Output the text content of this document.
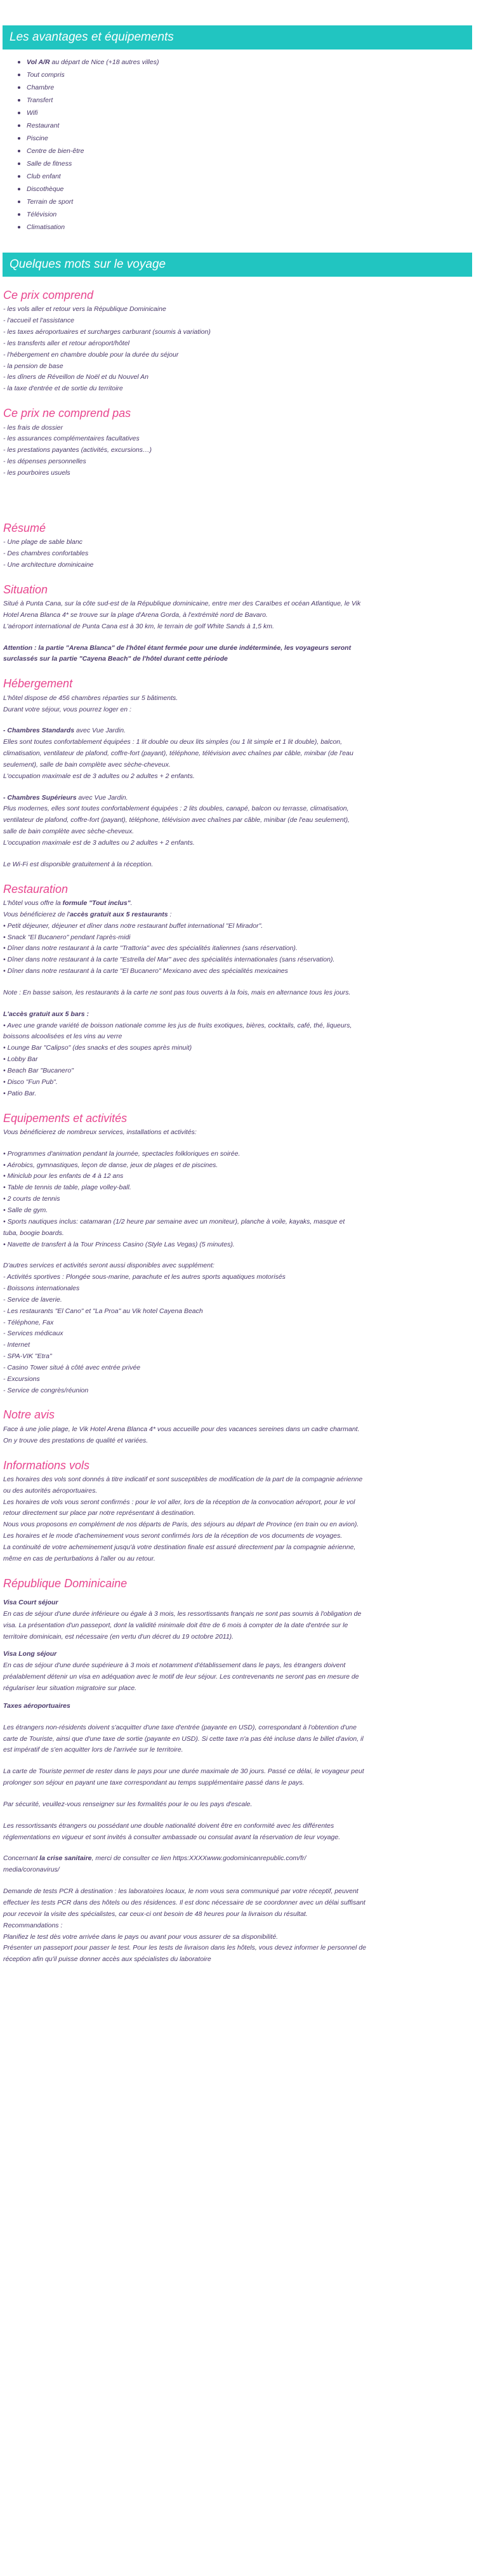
Les avantages et équipements
Vol A/R au départ de Nice (+18 autres villes)
Tout compris
Chambre
Transfert
Wifi
Restaurant
Piscine
Centre de bien-être
Salle de fitness
Club enfant
Discothèque
Terrain de sport
Télévision
Climatisation
Quelques mots sur le voyage
Ce prix comprend
- les vols aller et retour vers la République Dominicaine
- l'accueil et l'assistance
- les taxes aéroportuaires et surcharges carburant (soumis à variation)
- les transferts aller et retour aéroport/hôtel
- l'hébergement en chambre double pour la durée du séjour
- la pension de base
- les dîners de Réveillon de Noël et du Nouvel An
- la taxe d'entrée et de sortie du territoire
Ce prix ne comprend pas
- les frais de dossier
- les assurances complémentaires facultatives
- les prestations payantes (activités, excursions…)
- les dépenses personnelles
- les pourboires usuels
Résumé
- Une plage de sable blanc
- Des chambres confortables
- Une architecture dominicaine
Situation
Situé à Punta Cana, sur la côte sud-est de la République dominicaine, entre mer des Caraïbes et océan Atlantique, le Vik
Hotel Arena Blanca 4* se trouve sur la plage d'Arena Gorda, à l'extrémité nord de Bavaro.
L'aéroport international de Punta Cana est à 30 km, le terrain de golf White Sands à 1,5 km.
Attention : la partie "Arena Blanca" de l'hôtel étant fermée pour une durée indéterminée, les voyageurs seront
surclassés sur la partie "Cayena Beach" de l'hôtel durant cette période
Hébergement
L'hôtel dispose de 456 chambres réparties sur 5 bâtiments.
Durant votre séjour, vous pourrez loger en :
- Chambres Standards avec Vue Jardin.
Elles sont toutes confortablement équipées : 1 lit double ou deux lits simples (ou 1 lit simple et 1 lit double), balcon,
climatisation, ventilateur de plafond, coffre-fort (payant), téléphone, télévision avec chaînes par câble, minibar (de l'eau
seulement), salle de bain complète avec sèche-cheveux.
L'occupation maximale est de 3 adultes ou 2 adultes + 2 enfants.
- Chambres Supérieurs avec Vue Jardin.
Plus modernes, elles sont toutes confortablement équipées : 2 lits doubles, canapé, balcon ou terrasse, climatisation,
ventilateur de plafond, coffre-fort (payant), téléphone, télévision avec chaînes par câble, minibar (de l'eau seulement),
salle de bain complète avec sèche-cheveux.
L'occupation maximale est de 3 adultes ou 2 adultes + 2 enfants.
Le Wi-Fi est disponible gratuitement à la réception.
Restauration
L'hôtel vous offre la formule "Tout inclus".
Vous bénéficierez de l'accès gratuit aux 5 restaurants :
• Petit déjeuner, déjeuner et dîner dans notre restaurant buffet international "El Mirador".
• Snack "El Bucanero" pendant l'après-midi
• Dîner dans notre restaurant à la carte "Trattoria" avec des spécialités italiennes (sans réservation).
• Dîner dans notre restaurant à la carte "Estrella del Mar" avec des spécialités internationales (sans réservation).
• Dîner dans notre restaurant à la carte "El Bucanero" Mexicano avec des spécialités mexicaines
Note : En basse saison, les restaurants à la carte ne sont pas tous ouverts à la fois, mais en alternance tous les jours.
L'accès gratuit aux 5 bars :
• Avec une grande variété de boisson nationale comme les jus de fruits exotiques, bières, cocktails, café, thé, liqueurs,
boissons alcoolisées et les vins au verre
• Lounge Bar "Calipso" (des snacks et des soupes après minuit)
• Lobby Bar
• Beach Bar "Bucanero"
• Disco "Fun Pub".
• Patio Bar.
Equipements et activités
Vous bénéficierez de nombreux services, installations et activités:
• Programmes d'animation pendant la journée, spectacles folkloriques en soirée.
• Aérobics, gymnastiques, leçon de danse, jeux de plages et de piscines.
• Miniclub pour les enfants de 4 à 12 ans
• Table de tennis de table, plage volley-ball.
• 2 courts de tennis
• Salle de gym.
• Sports nautiques inclus: catamaran (1/2 heure par semaine avec un moniteur), planche à voile, kayaks, masque et
tuba, boogie boards.
• Navette de transfert à la Tour Princess Casino (Style Las Vegas) (5 minutes).
D'autres services et activités seront aussi disponibles avec supplément:
- Activités sportives : Plongée sous-marine, parachute et les autres sports aquatiques motorisés
- Boissons internationales
- Service de laverie.
- Les restaurants "El Cano" et "La Proa" au Vik hotel Cayena Beach
- Téléphone, Fax
- Services médicaux
- Internet
- SPA-VIK "Etra"
- Casino Tower situé à côté avec entrée privée
- Excursions
- Service de congrès/réunion
Notre avis
Face à une jolie plage, le Vik Hotel Arena Blanca 4* vous accueille pour des vacances sereines dans un cadre charmant.
On y trouve des prestations de qualité et variées.
Informations vols
Les horaires des vols sont donnés à titre indicatif et sont susceptibles de modification de la part de la compagnie aérienne
ou des autorités aéroportuaires.
Les horaires de vols vous seront confirmés : pour le vol aller, lors de la réception de la convocation aéroport, pour le vol
retour directement sur place par notre représentant à destination.
Nous vous proposons en complément de nos départs de Paris, des séjours au départ de Province (en train ou en avion).
Les horaires et le mode d'acheminement vous seront confirmés lors de la réception de vos documents de voyages.
La continuité de votre acheminement jusqu'à votre destination finale est assuré directement par la compagnie aérienne,
même en cas de perturbations à l'aller ou au retour.
République Dominicaine
Visa Court séjour
En cas de séjour d'une durée inférieure ou égale à 3 mois, les ressortissants français ne sont pas soumis à l'obligation de
visa. La présentation d'un passeport, dont la validité minimale doit être de 6 mois à compter de la date d'entrée sur le
territoire dominicain, est nécessaire (en vertu d'un décret du 19 octobre 2011).
Visa Long séjour
En cas de séjour d'une durée supérieure à 3 mois et notamment d'établissement dans le pays, les étrangers doivent
préalablement détenir un visa en adéquation avec le motif de leur séjour. Les contrevenants ne seront pas en mesure de
régulariser leur situation migratoire sur place.
Taxes aéroportuaires
Les étrangers non-résidents doivent s'acquitter d'une taxe d'entrée (payante en USD), correspondant à l'obtention d'une
carte de Touriste, ainsi que d'une taxe de sortie (payante en USD). Si cette taxe n'a pas été incluse dans le billet d'avion, il
est impératif de s'en acquitter lors de l'arrivée sur le territoire.
La carte de Touriste permet de rester dans le pays pour une durée maximale de 30 jours. Passé ce délai, le voyageur peut
prolonger son séjour en payant une taxe correspondant au temps supplémentaire passé dans le pays.
Par sécurité, veuillez-vous renseigner sur les formalités pour le ou les pays d'escale.
Les ressortissants étrangers ou possédant une double nationalité doivent être en conformité avec les différentes
réglementations en vigueur et sont invités à consulter ambassade ou consulat avant la réservation de leur voyage.
Concernant la crise sanitaire, merci de consulter ce lien https:XXXXwww.godominicanrepublic.com/fr/
media/coronavirus/
Demande de tests PCR à destination : les laboratoires locaux, le nom vous sera communiqué par votre réceptif, peuvent
effectuer les tests PCR dans des hôtels ou des résidences. Il est donc nécessaire de se coordonner avec un délai suffisant
pour recevoir la visite des spécialistes, car ceux-ci ont besoin de 48 heures pour la livraison du résultat.
Recommandations :
Planifiez le test dès votre arrivée dans le pays ou avant pour vous assurer de sa disponibilité.
Présenter un passeport pour passer le test. Pour les tests de livraison dans les hôtels, vous devez informer le personnel de
réception afin qu'il puisse donner accès aux spécialistes du laboratoire
